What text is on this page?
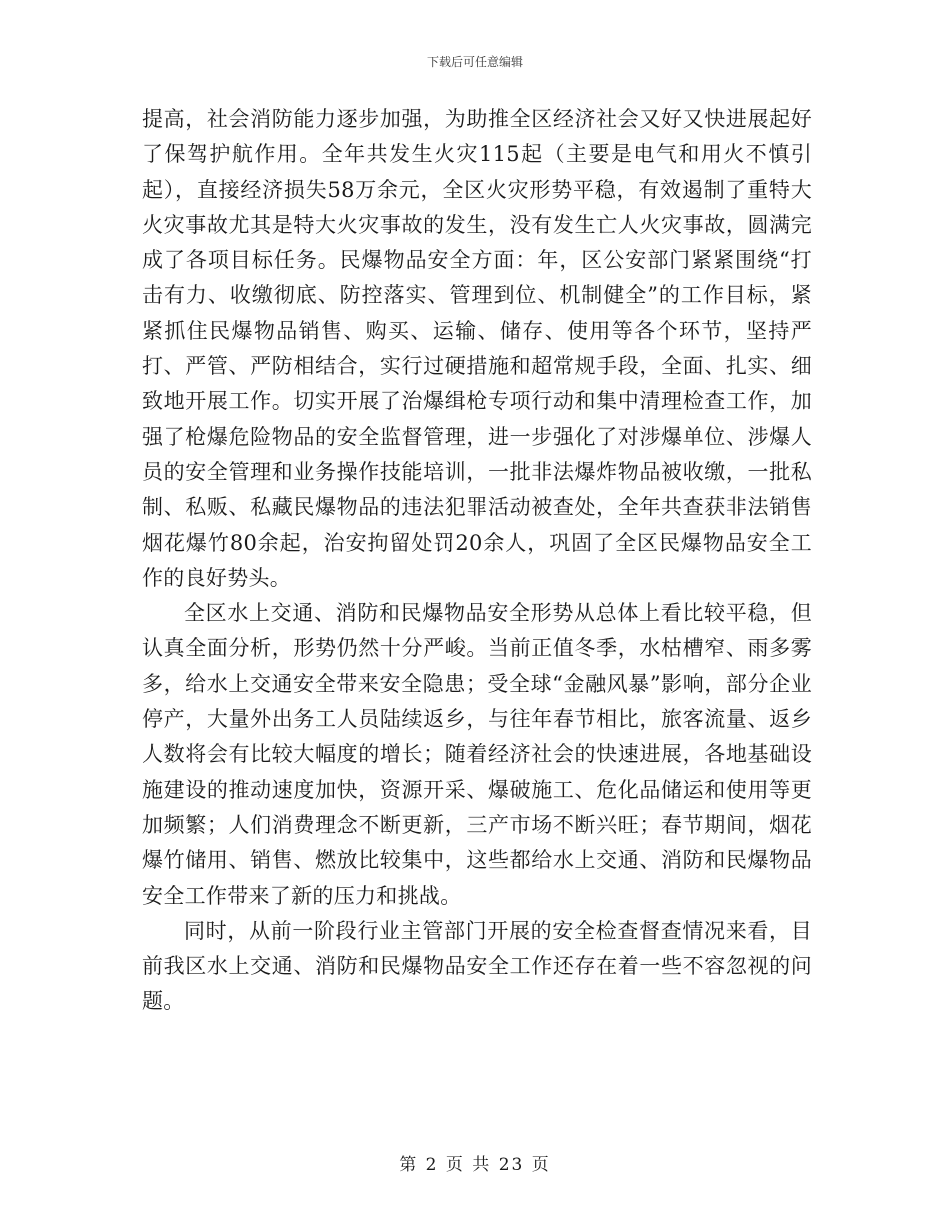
下载后可任意编辑

提高，社会消防能力逐步加强，为助推全区经济社会又好又快进展起好了保驾护航作用。全年共发生火灾115起（主要是电气和用火不慎引起），直接经济损失58万余元，全区火灾形势平稳，有效遏制了重特大火灾事故尤其是特大火灾事故的发生，没有发生亡人火灾事故，圆满完成了各项目标任务。民爆物品安全方面：年，区公安部门紧紧围绕“打击有力、收缴彻底、防控落实、管理到位、机制健全”的工作目标，紧紧抓住民爆物品销售、购买、运输、储存、使用等各个环节，坚持严打、严管、严防相结合，实行过硬措施和超常规手段，全面、扎实、细致地开展工作。切实开展了治爆缉枪专项行动和集中清理检查工作，加强了枪爆危险物品的安全监督管理，进一步强化了对涉爆单位、涉爆人员的安全管理和业务操作技能培训，一批非法爆炸物品被收缴，一批私制、私贩、私藏民爆物品的违法犯罪活动被查处，全年共查获非法销售烟花爆竹80余起，治安拘留处罚20余人，巩固了全区民爆物品安全工作的良好势头。

全区水上交通、消防和民爆物品安全形势从总体上看比较平稳，但认真全面分析，形势仍然十分严峻。当前正值冬季，水枯槽窄、雨多雾多，给水上交通安全带来安全隐患；受全球“金融风暴”影响，部分企业停产，大量外出务工人员陆续返乡，与往年春节相比，旅客流量、返乡人数将会有比较大幅度的增长；随着经济社会的快速进展，各地基础设施建设的推动速度加快，资源开采、爆破施工、危化品储运和使用等更加频繁；人们消费理念不断更新，三产市场不断兴旺；春节期间，烟花爆竹储用、销售、燃放比较集中，这些都给水上交通、消防和民爆物品安全工作带来了新的压力和挑战。

同时，从前一阶段行业主管部门开展的安全检查督查情况来看，目前我区水上交通、消防和民爆物品安全工作还存在着一些不容忽视的问题。

第 2 页 共 23 页
